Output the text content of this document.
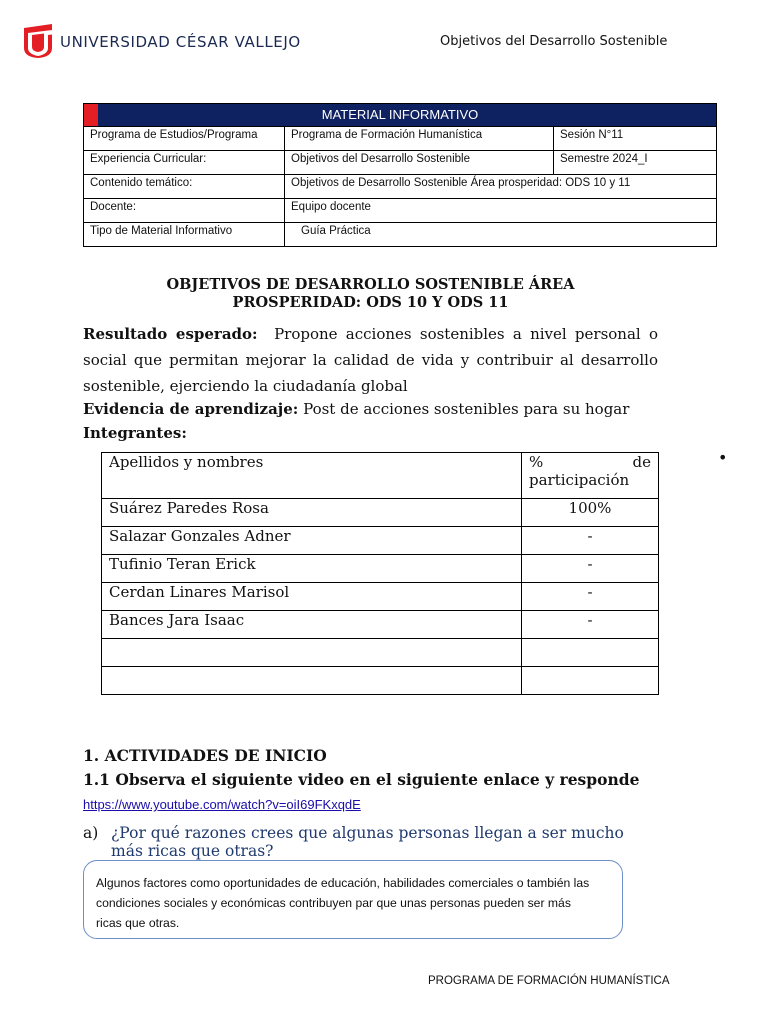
UNIVERSIDAD CÉSAR VALLEJO	Objetivos del Desarrollo Sostenible
MATERIAL INFORMATIVO		

Programa de Estudios/Programa	Programa de Formación Humanística	Sesión N°11
Experiencia Curricular:	Objetivos del Desarrollo Sostenible	Semestre 2024_I
Contenido temático:	Objetivos de Desarrollo Sostenible Área prosperidad: ODS 10 y 11	
Docente:	Equipo docente	
Tipo de Material Informativo	Guía Práctica	
OBJETIVOS DE DESARROLLO SOSTENIBLE ÁREA
PROSPERIDAD: ODS 10 Y ODS 11
Resultado esperado: Propone acciones sostenibles a nivel personal o social que permitan mejorar la calidad de vida y contribuir al desarrollo sostenible, ejerciendo la ciudadanía global
Evidencia de aprendizaje: Post de acciones sostenibles para su hogar
Integrantes:
•
Apellidos y nombres	% de
participación

Suárez Paredes Rosa	100%
Salazar Gonzales Adner	-
Tufinio Teran Erick	-
Cerdan Linares Marisol	-
Bances Jara Isaac	-

1. ACTIVIDADES DE INICIO
1.1 Observa el siguiente video en el siguiente enlace y responde
https://www.youtube.com/watch?v=oiI69FKxqdE
a) ¿Por qué razones crees que algunas personas llegan a ser mucho
más ricas que otras?
Algunos factores como oportunidades de educación, habilidades comerciales o también las condiciones sociales y económicas contribuyen par que unas personas pueden ser más ricas que otras.
PROGRAMA DE FORMACIÓN HUMANÍSTICA
